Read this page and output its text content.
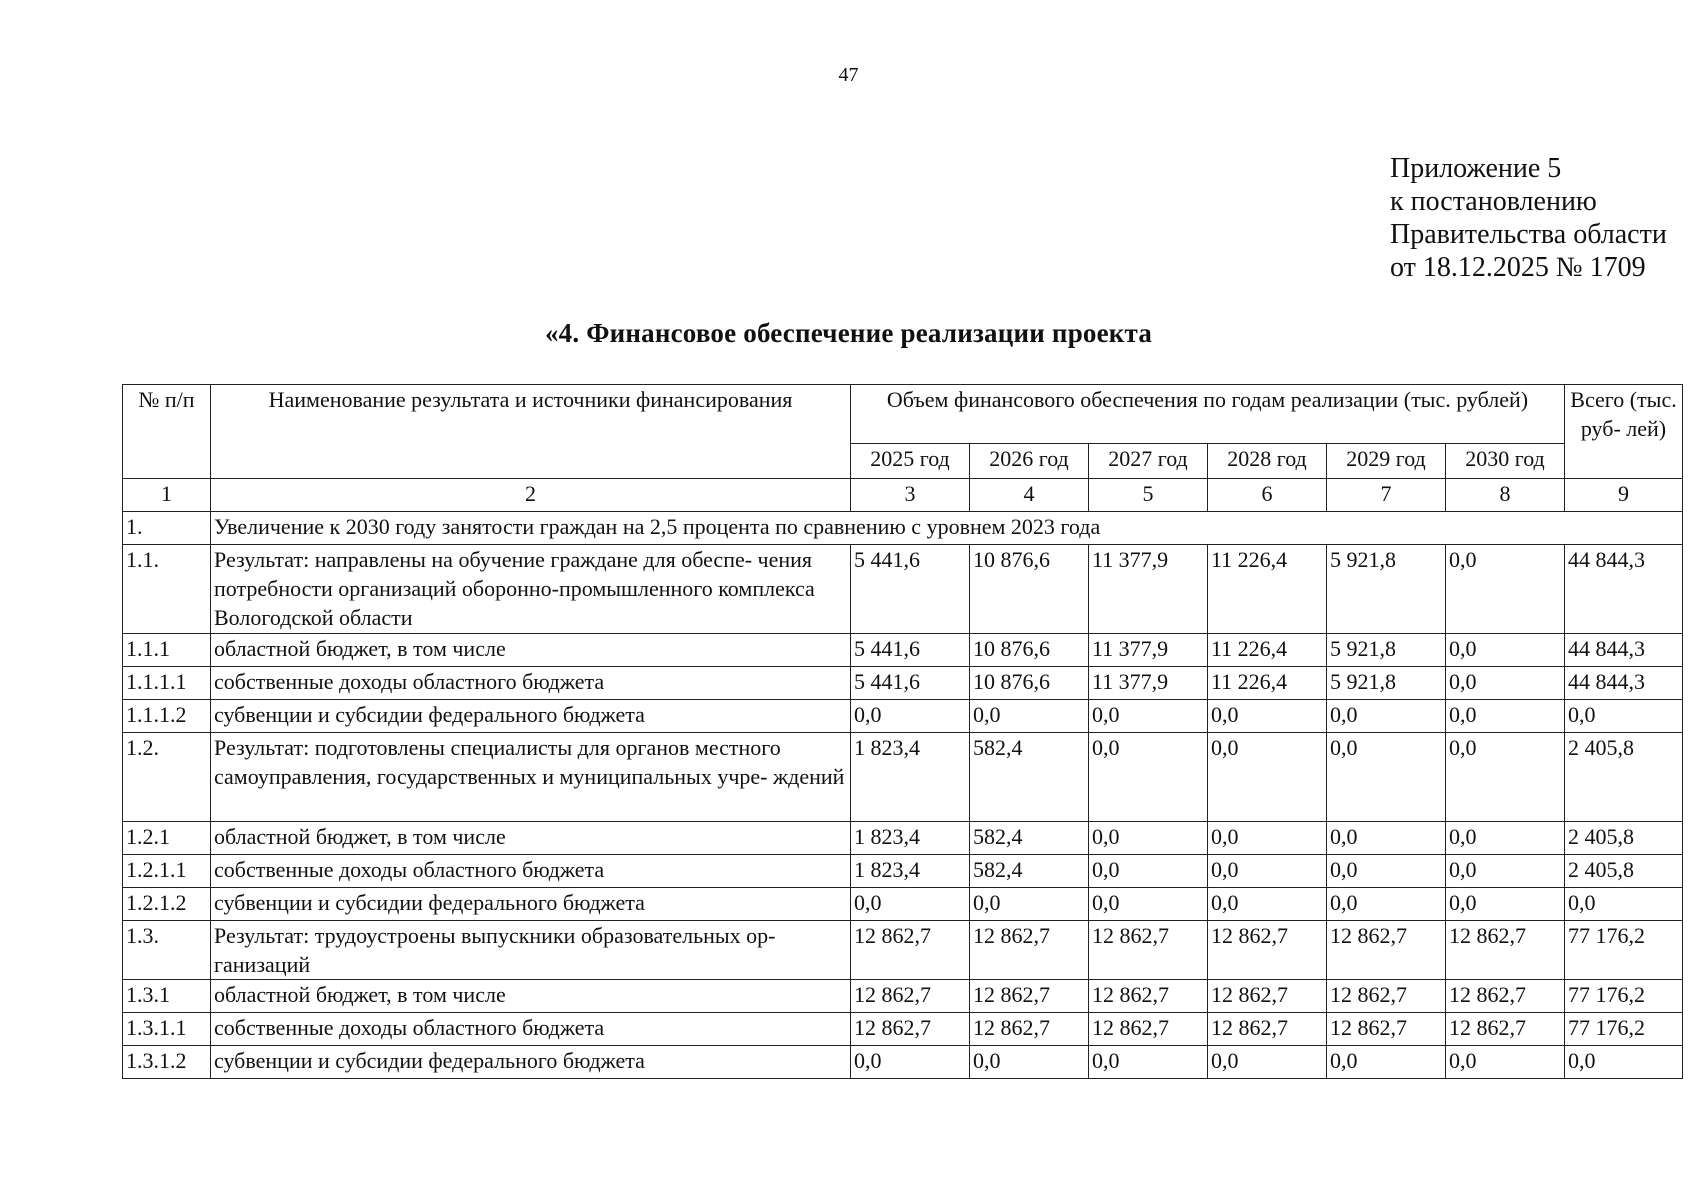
47
Приложение 5
к постановлению
Правительства области
от 18.12.2025 № 1709
«4. Финансовое обеспечение реализации проекта
№ п/п	Наименование результата и источники финансирования	Объем финансового обеспечения по годам реализации (тыс. рублей)						Всего (тыс. руб- лей)
		2025 год	2026 год	2027 год	2028 год	2029 год	2030 год	
1	2	3	4	5	6	7	8	9
1.	Увеличение к 2030 году занятости граждан на 2,5 процента по сравнению с уровнем 2023 года							
1.1.	Результат: направлены на обучение граждане для обеспе- чения потребности организаций оборонно-промышленного комплекса Вологодской области	5 441,6	10 876,6	11 377,9	11 226,4	5 921,8	0,0	44 844,3
1.1.1	областной бюджет, в том числе	5 441,6	10 876,6	11 377,9	11 226,4	5 921,8	0,0	44 844,3
1.1.1.1	собственные доходы областного бюджета	5 441,6	10 876,6	11 377,9	11 226,4	5 921,8	0,0	44 844,3
1.1.1.2	субвенции и субсидии федерального бюджета	0,0	0,0	0,0	0,0	0,0	0,0	0,0
1.2.	Результат: подготовлены специалисты для органов местного самоуправления, государственных и муниципальных учре- ждений	1 823,4	582,4	0,0	0,0	0,0	0,0	2 405,8
1.2.1	областной бюджет, в том числе	1 823,4	582,4	0,0	0,0	0,0	0,0	2 405,8
1.2.1.1	собственные доходы областного бюджета	1 823,4	582,4	0,0	0,0	0,0	0,0	2 405,8
1.2.1.2	субвенции и субсидии федерального бюджета	0,0	0,0	0,0	0,0	0,0	0,0	0,0
1.3.	Результат: трудоустроены выпускники образовательных ор- ганизаций	12 862,7	12 862,7	12 862,7	12 862,7	12 862,7	12 862,7	77 176,2
1.3.1	областной бюджет, в том числе	12 862,7	12 862,7	12 862,7	12 862,7	12 862,7	12 862,7	77 176,2
1.3.1.1	собственные доходы областного бюджета	12 862,7	12 862,7	12 862,7	12 862,7	12 862,7	12 862,7	77 176,2
1.3.1.2	субвенции и субсидии федерального бюджета	0,0	0,0	0,0	0,0	0,0	0,0	0,0
